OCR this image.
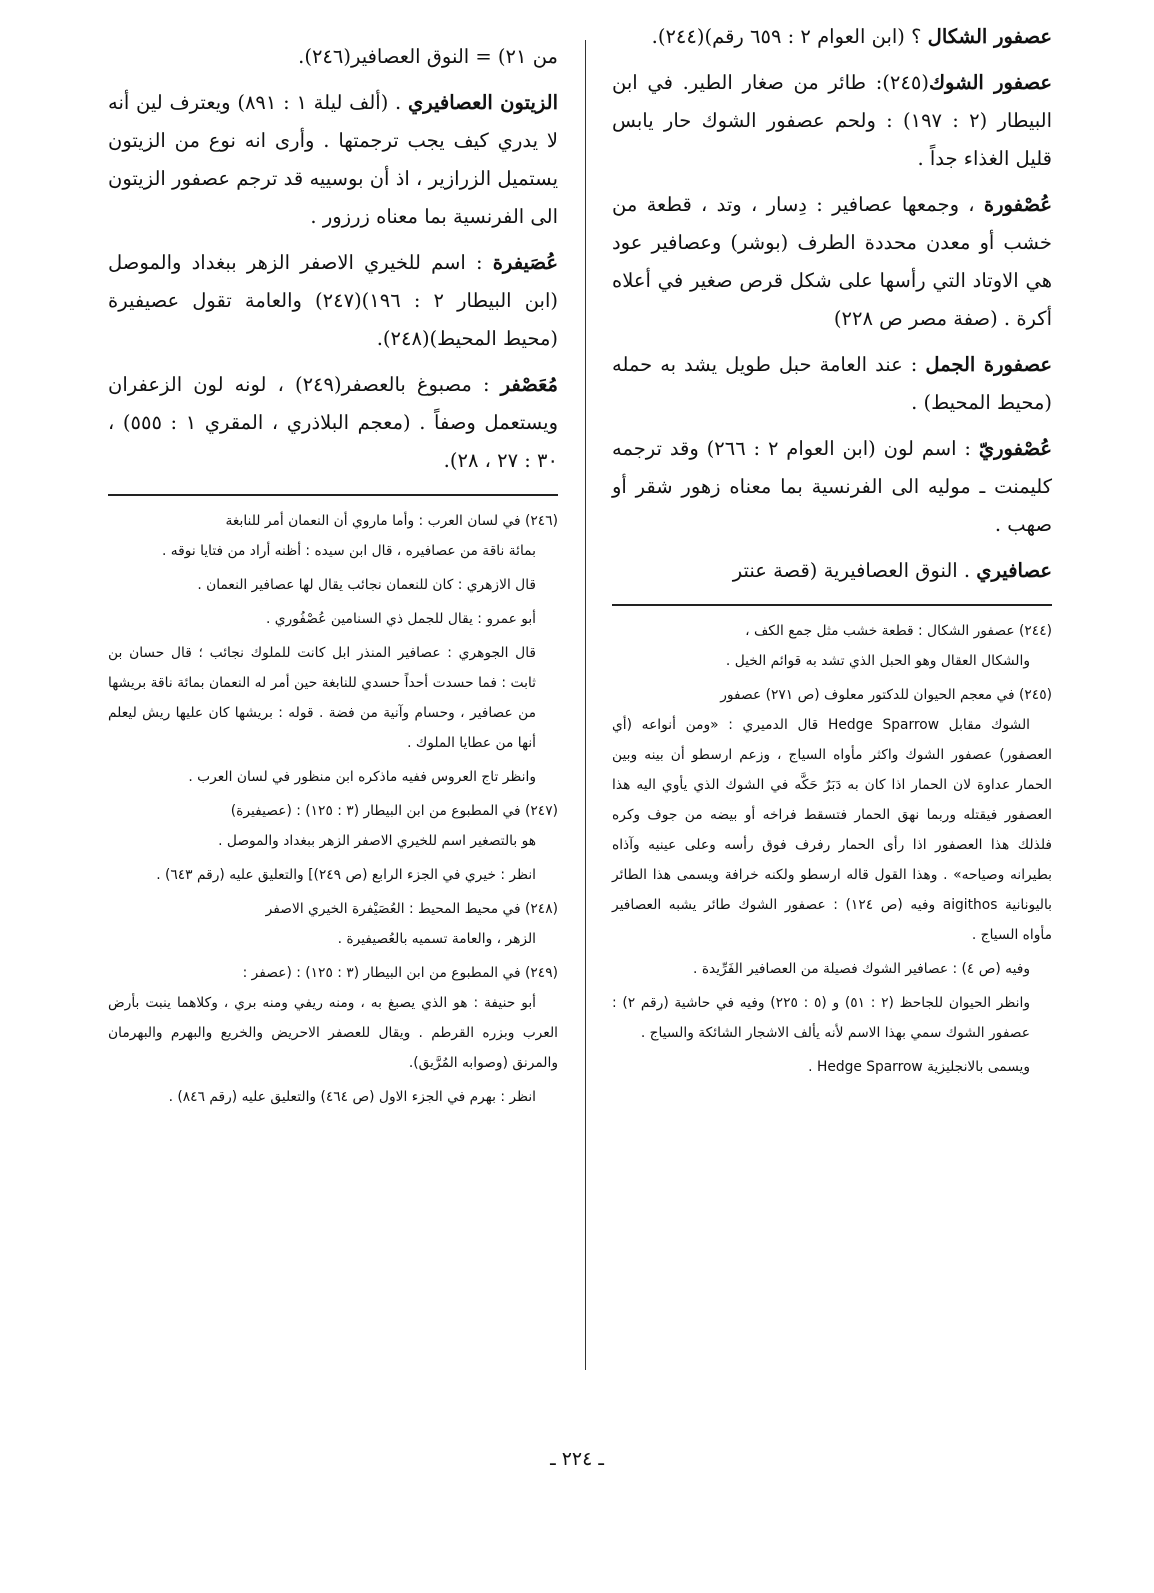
عصفور الشكال ؟ (ابن العوام ٢ : ٦٥٩ رقم)(٢٤٤).

عصفور الشوك(٢٤٥): طائر من صغار الطير. في ابن البيطار (٢ : ١٩٧) : ولحم عصفور الشوك حار يابس قليل الغذاء جداً .

عُصْفورة ، وجمعها عصافير : دِسار ، وتد ، قطعة من خشب أو معدن محددة الطرف (بوشر) وعصافير عود هي الاوتاد التي رأسها على شكل قرص صغير في أعلاه أكرة . (صفة مصر ص ٢٢٨)

عصفورة الجمل : عند العامة حبل طويل يشد به حمله (محيط المحيط) .

عُصْفوريّ : اسم لون (ابن العوام ٢ : ٢٦٦) وقد ترجمه كليمنت ـ موليه الى الفرنسية بما معناه زهور شقر أو صهب .

عصافيري . النوق العصافيرية (قصة عنتر

(٢٤٤) عصفور الشكال : قطعة خشب مثل جمع الكف ،
والشكال العقال وهو الحبل الذي تشد به قوائم الخيل .

(٢٤٥) في معجم الحيوان للدكتور معلوف (ص ٢٧١) عصفور
الشوك مقابل Hedge Sparrow قال الدميري : «ومن أنواعه (أي العصفور) عصفور الشوك واكثر مأواه السياج ، وزعم ارسطو أن بينه وبين الحمار عداوة لان الحمار اذا كان به دَبَرٌ حَكَّه في الشوك الذي يأوي اليه هذا العصفور فيقتله وربما نهق الحمار فتسقط فراخه أو بيضه من جوف وكره فلذلك هذا العصفور اذا رأى الحمار رفرف فوق رأسه وعلى عينيه وآذاه بطيرانه وصياحه» . وهذا القول قاله ارسطو ولكنه خرافة ويسمى هذا الطائر باليونانية aigithos وفيه (ص ١٢٤) : عصفور الشوك طائر يشبه العصافير مأواه السياج .

وفيه (ص ٤) : عصافير الشوك فصيلة من العصافير الفَرِّيدة .

وانظر الحيوان للجاحظ (٢ : ٥١) و (٥ : ٢٢٥) وفيه في حاشية (رقم ٢) : عصفور الشوك سمي بهذا الاسم لأنه يألف الاشجار الشائكة والسياج .

ويسمى بالانجليزية Hedge Sparrow .

من ٢١) = النوق العصافير(٢٤٦).

الزيتون العصافيري . (ألف ليلة ١ : ٨٩١) ويعترف لين أنه لا يدري كيف يجب ترجمتها . وأرى انه نوع من الزيتون يستميل الزرازير ، اذ أن بوسييه قد ترجم عصفور الزيتون الى الفرنسية بما معناه زرزور .

عُصَيفرة : اسم للخيري الاصفر الزهر ببغداد والموصل (ابن البيطار ٢ : ١٩٦)(٢٤٧) والعامة تقول عصيفيرة (محيط المحيط)(٢٤٨).

مُعَصْفر : مصبوغ بالعصفر(٢٤٩) ، لونه لون الزعفران ويستعمل وصفاً . (معجم البلاذري ، المقري ١ : ٥٥٥) ، ٣٠ : ٢٧ ، ٢٨).

(٢٤٦) في لسان العرب : وأما ماروي أن النعمان أمر للنابغة
بمائة ناقة من عصافيره ، قال ابن سيده : أظنه أراد من فتايا نوقه .

قال الازهري : كان للنعمان نجائب يقال لها عصافير النعمان .

أبو عمرو : يقال للجمل ذي السنامين عُصْفُوري .

قال الجوهري : عصافير المنذر ابل كانت للملوك نجائب ؛ قال حسان بن ثابت : فما حسدت أحداً حسدي للنابغة حين أمر له النعمان بمائة ناقة بريشها من عصافير ، وحسام وآنية من فضة . قوله : بريشها كان عليها ريش ليعلم أنها من عطايا الملوك .

وانظر تاج العروس ففيه ماذكره ابن منظور في لسان العرب .

(٢٤٧) في المطبوع من ابن البيطار (٣ : ١٢٥) : (عصيفيرة)
هو بالتصغير اسم للخيري الاصفر الزهر ببغداد والموصل .

انظر : خيري في الجزء الرابع (ص ٢٤٩)] والتعليق عليه (رقم ٦٤٣) .

(٢٤٨) في محيط المحيط : العُصَيْفرة الخيري الاصفر
الزهر ، والعامة تسميه بالعُصيفيرة .

(٢٤٩) في المطبوع من ابن البيطار (٣ : ١٢٥) : (عصفر :
أبو حنيفة : هو الذي يصبغ به ، ومنه ريفي ومنه بري ، وكلاهما ينبت بأرض العرب وبزره القرطم . ويقال للعصفر الاحريض والخريع والبهرم والبهرمان والمرنق (وصوابه المُرَّيق).

انظر : بهرم في الجزء الاول (ص ٤٦٤) والتعليق عليه (رقم ٨٤٦) .

ـ ٢٢٤ ـ
